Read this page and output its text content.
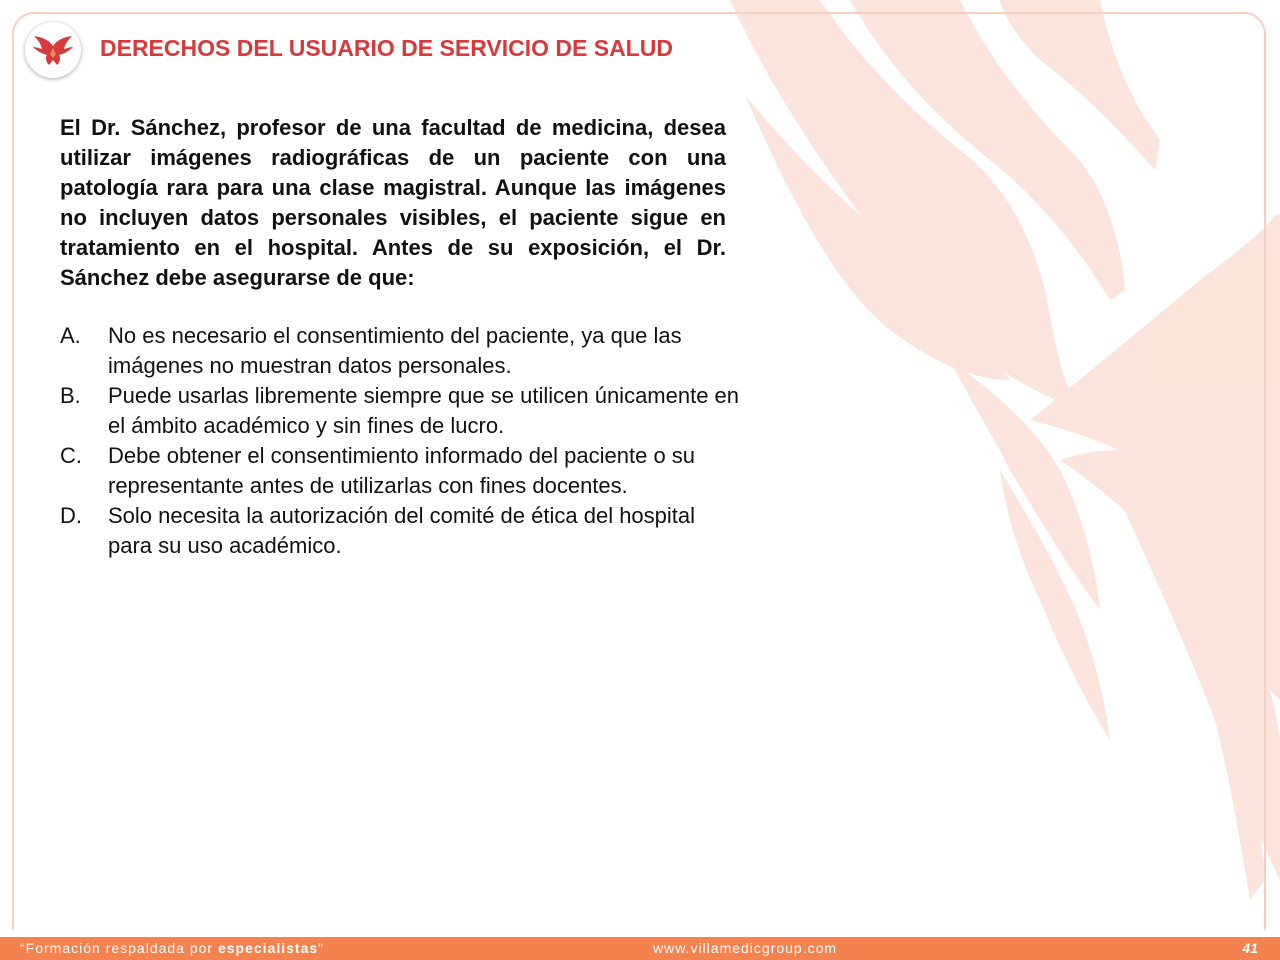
DERECHOS DEL USUARIO DE SERVICIO DE SALUD

El Dr. Sánchez, profesor de una facultad de medicina, desea utilizar imágenes radiográficas de un paciente con una patología rara para una clase magistral. Aunque las imágenes no incluyen datos personales visibles, el paciente sigue en tratamiento en el hospital. Antes de su exposición, el Dr. Sánchez debe asegurarse de que:

A.	No es necesario el consentimiento del paciente, ya que las imágenes no muestran datos personales.
B.	Puede usarlas libremente siempre que se utilicen únicamente en el ámbito académico y sin fines de lucro.
C.	Debe obtener el consentimiento informado del paciente o su representante antes de utilizarlas con fines docentes.
D.	Solo necesita la autorización del comité de ética del hospital para su uso académico.
“Formación respaldada por especialistas”	www.villamedicgroup.com	41
